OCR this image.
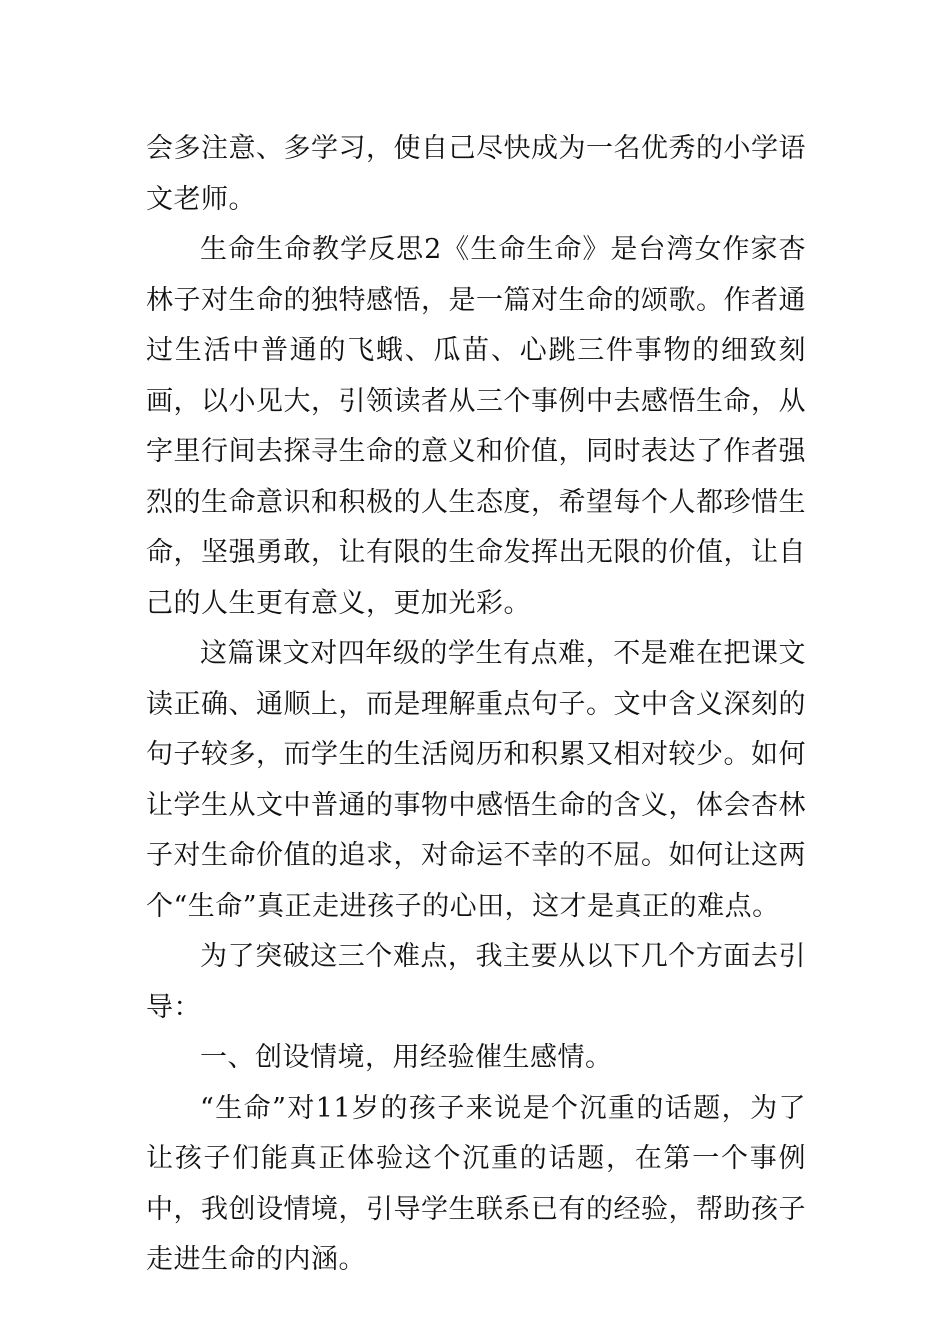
会多注意、多学习，使自己尽快成为一名优秀的小学语文老师。

生命生命教学反思2《生命生命》是台湾女作家杏林子对生命的独特感悟，是一篇对生命的颂歌。作者通过生活中普通的飞蛾、瓜苗、心跳三件事物的细致刻画，以小见大，引领读者从三个事例中去感悟生命，从字里行间去探寻生命的意义和价值，同时表达了作者强烈的生命意识和积极的人生态度，希望每个人都珍惜生命，坚强勇敢，让有限的生命发挥出无限的价值，让自己的人生更有意义，更加光彩。

这篇课文对四年级的学生有点难，不是难在把课文读正确、通顺上，而是理解重点句子。文中含义深刻的句子较多，而学生的生活阅历和积累又相对较少。如何让学生从文中普通的事物中感悟生命的含义，体会杏林子对生命价值的追求，对命运不幸的不屈。如何让这两个“生命”真正走进孩子的心田，这才是真正的难点。

为了突破这三个难点，我主要从以下几个方面去引导：

一、创设情境，用经验催生感情。

“生命”对11岁的孩子来说是个沉重的话题，为了让孩子们能真正体验这个沉重的话题，在第一个事例中，我创设情境，引导学生联系已有的经验，帮助孩子走进生命的内涵。
